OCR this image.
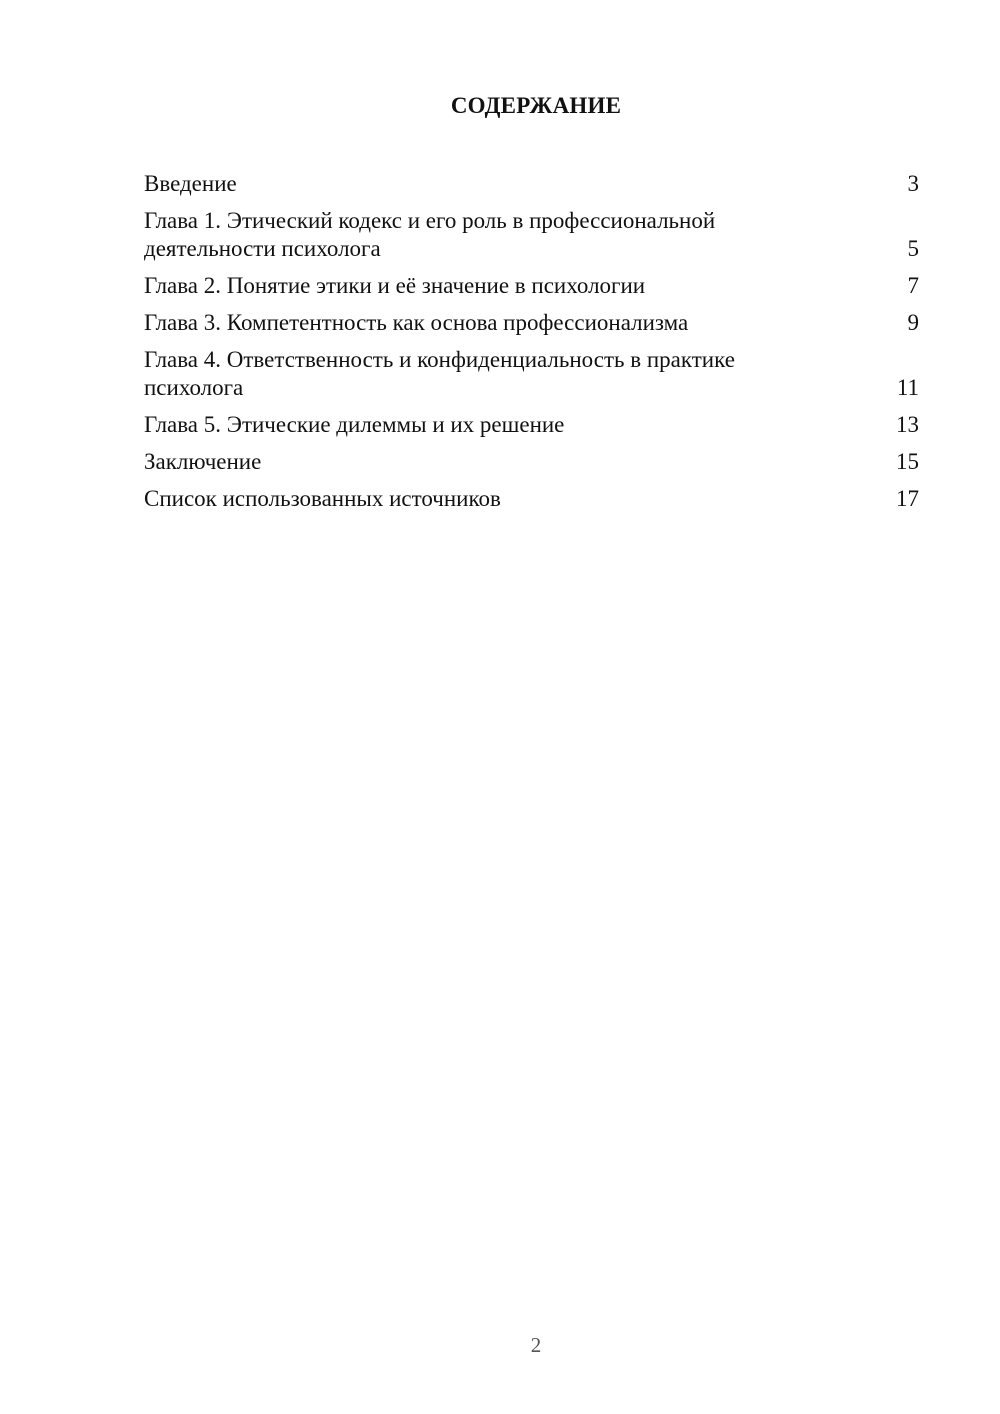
СОДЕРЖАНИЕ
Введение	3
Глава 1. Этический кодекс и его роль в профессиональной деятельности психолога	5
Глава 2. Понятие этики и её значение в психологии	7
Глава 3. Компетентность как основа профессионализма	9
Глава 4. Ответственность и конфиденциальность в практике психолога	11
Глава 5. Этические дилеммы и их решение	13
Заключение	15
Список использованных источников	17
2
